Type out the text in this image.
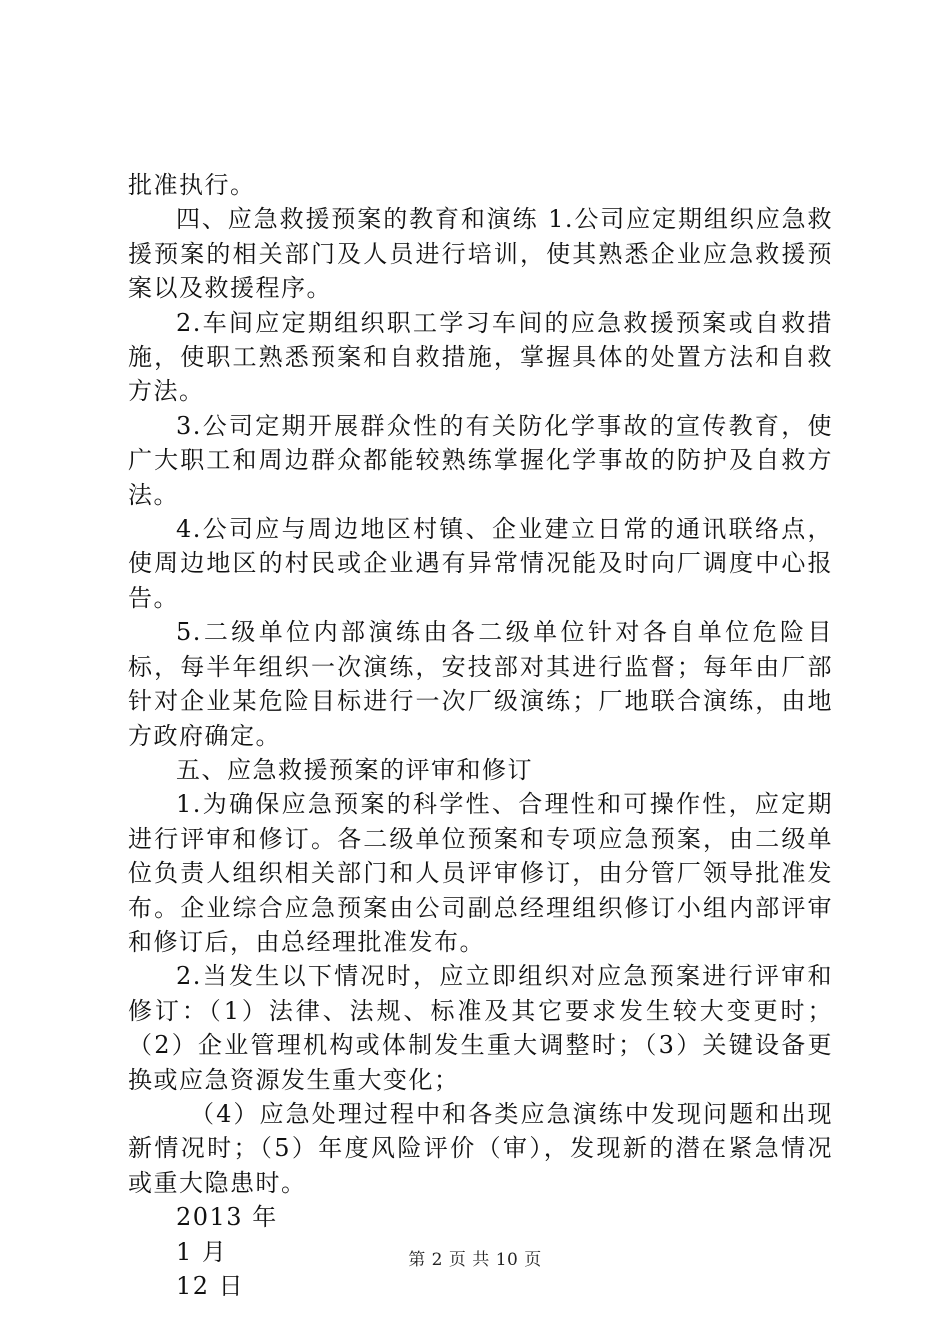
批准执行。

四、应急救援预案的教育和演练 1.公司应定期组织应急救援预案的相关部门及人员进行培训，使其熟悉企业应急救援预案以及救援程序。

2.车间应定期组织职工学习车间的应急救援预案或自救措施，使职工熟悉预案和自救措施，掌握具体的处置方法和自救方法。

3.公司定期开展群众性的有关防化学事故的宣传教育，使广大职工和周边群众都能较熟练掌握化学事故的防护及自救方法。

4.公司应与周边地区村镇、企业建立日常的通讯联络点，使周边地区的村民或企业遇有异常情况能及时向厂调度中心报告。

5.二级单位内部演练由各二级单位针对各自单位危险目标，每半年组织一次演练，安技部对其进行监督；每年由厂部针对企业某危险目标进行一次厂级演练；厂地联合演练，由地方政府确定。

五、应急救援预案的评审和修订

1.为确保应急预案的科学性、合理性和可操作性，应定期进行评审和修订。各二级单位预案和专项应急预案，由二级单位负责人组织相关部门和人员评审修订，由分管厂领导批准发布。企业综合应急预案由公司副总经理组织修订小组内部评审和修订后，由总经理批准发布。

2.当发生以下情况时，应立即组织对应急预案进行评审和修订：（1）法律、法规、标准及其它要求发生较大变更时；（2）企业管理机构或体制发生重大调整时；（3）关键设备更换或应急资源发生重大变化；

（4）应急处理过程中和各类应急演练中发现问题和出现新情况时；（5）年度风险评价（审），发现新的潜在紧急情况或重大隐患时。

2013 年

1 月

12 日

第 2 页 共 10 页
